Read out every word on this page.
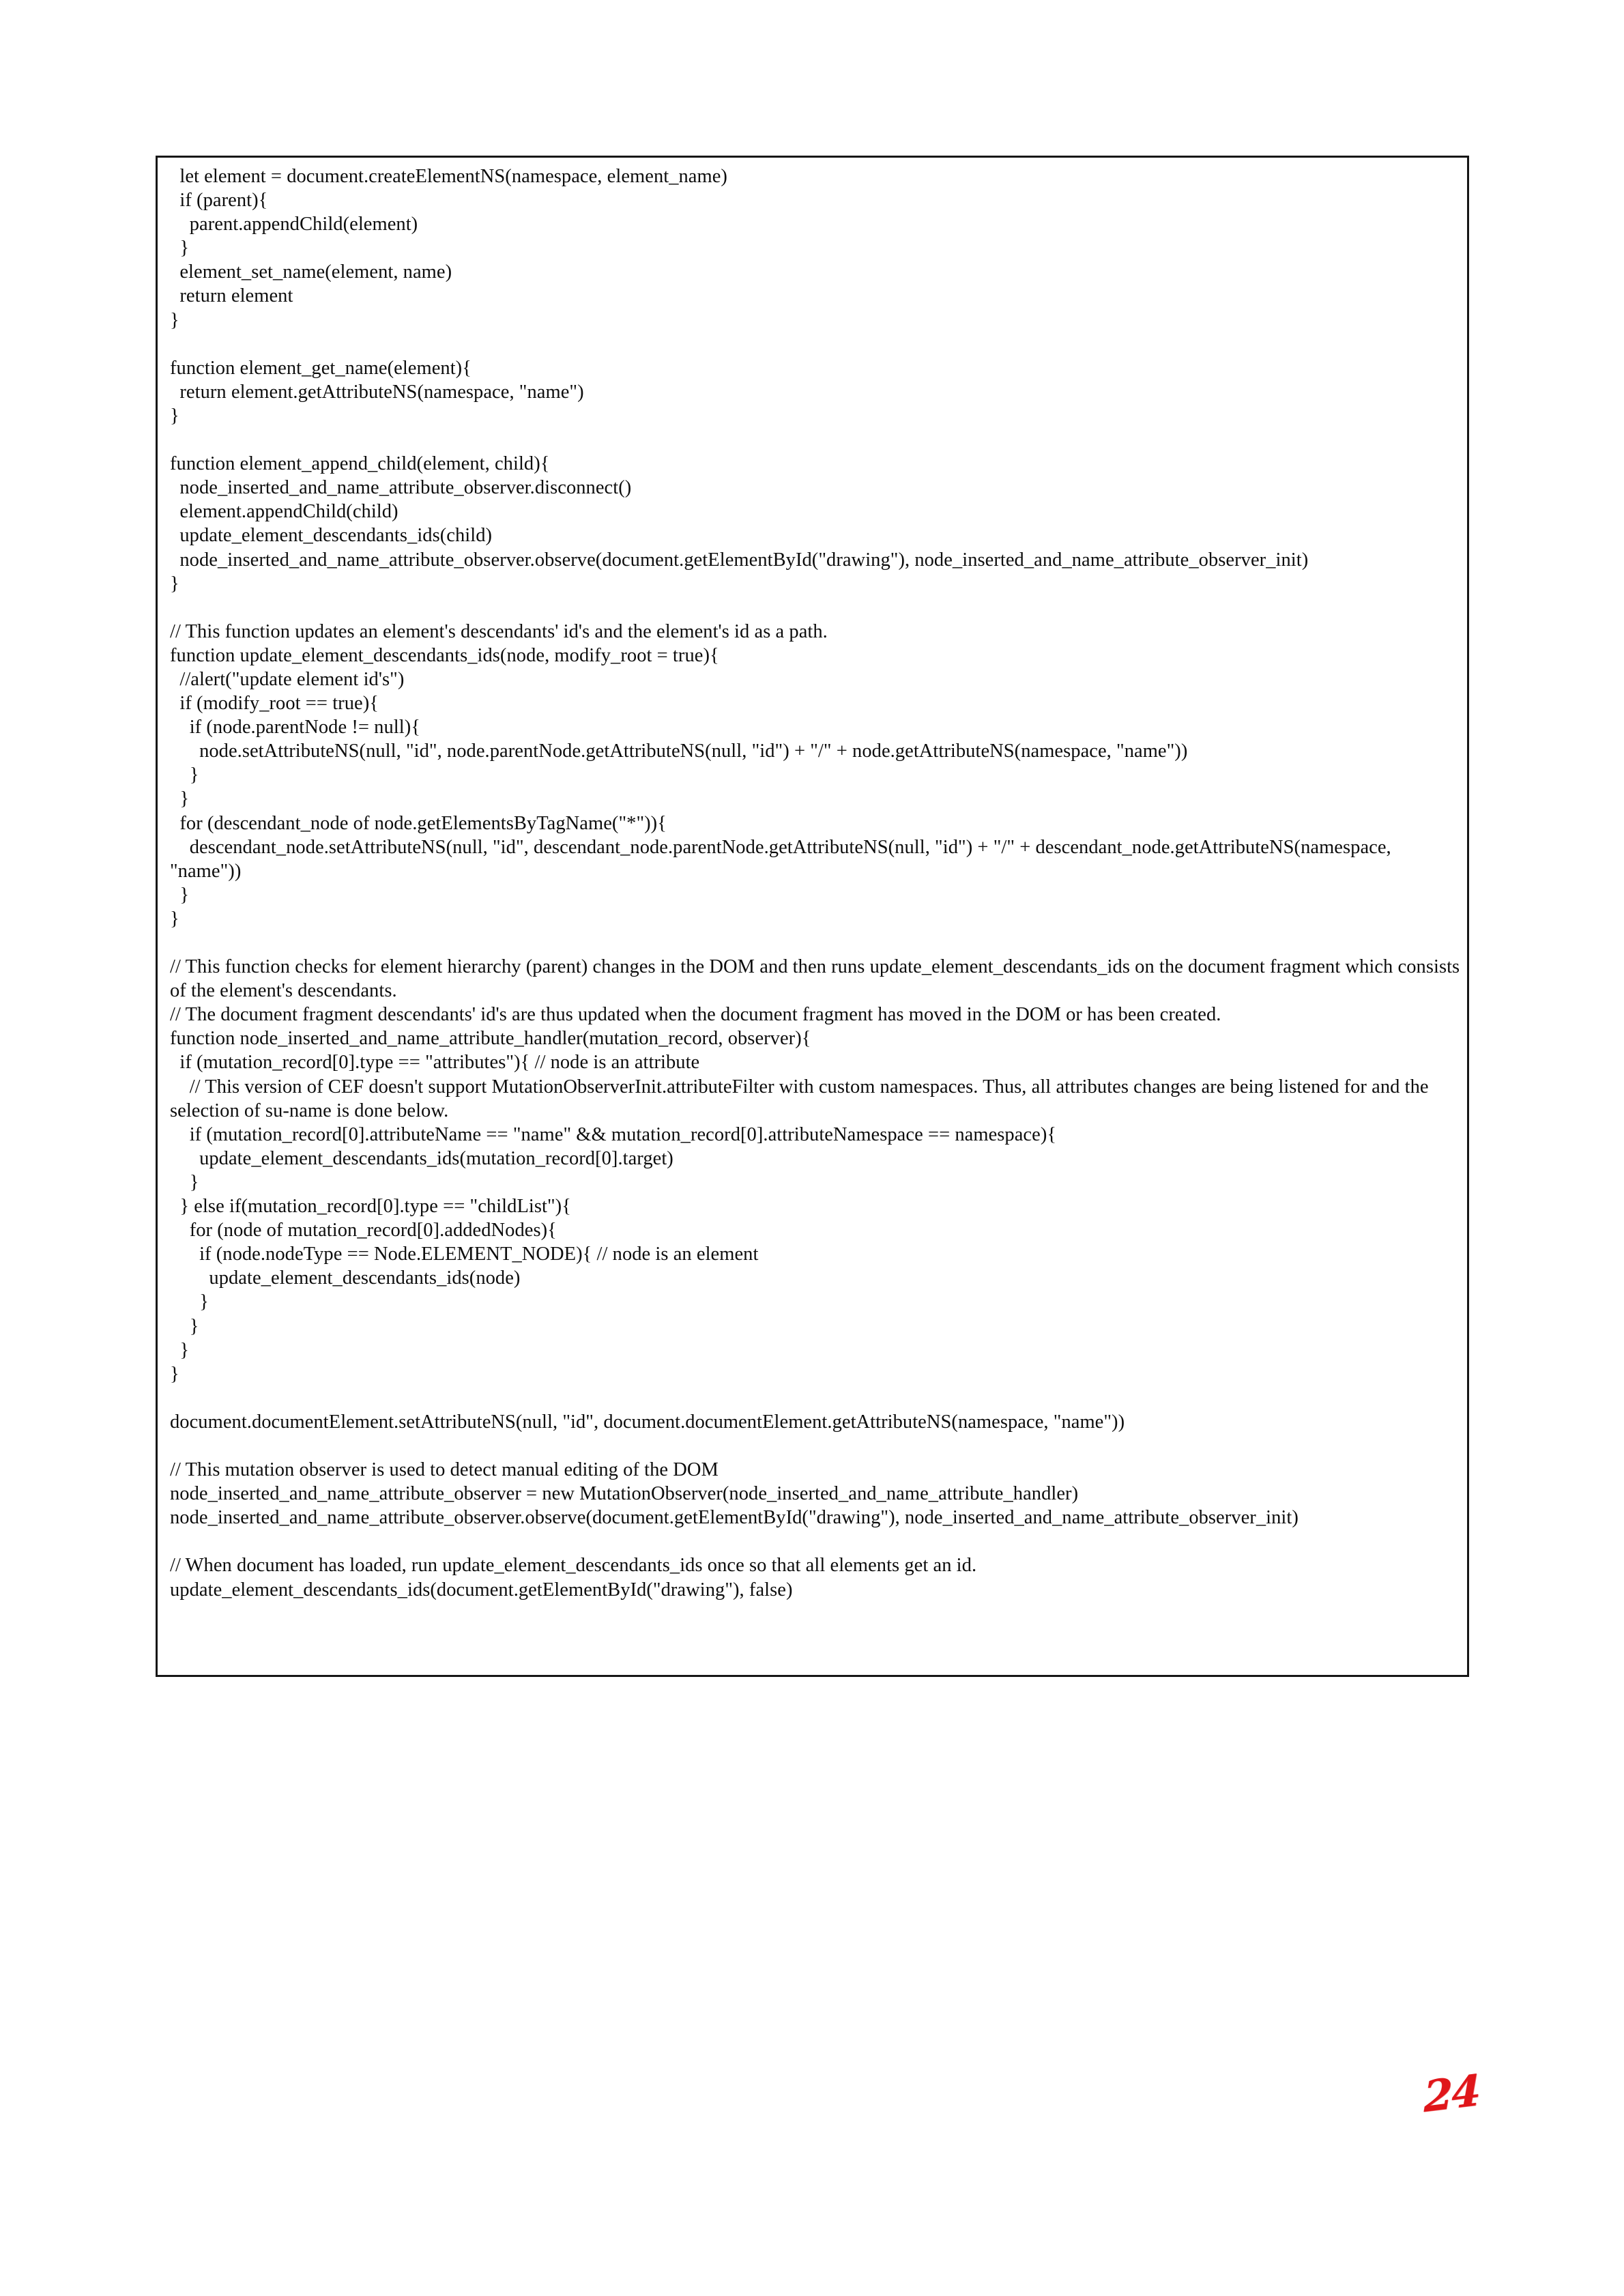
let element = document.createElementNS(namespace, element_name)
if (parent){
parent.appendChild(element)
}
element_set_name(element, name)
return element
}

function element_get_name(element){
return element.getAttributeNS(namespace, "name")
}

function element_append_child(element, child){
node_inserted_and_name_attribute_observer.disconnect()
element.appendChild(child)
update_element_descendants_ids(child)
node_inserted_and_name_attribute_observer.observe(document.getElementById("drawing"), node_inserted_and_name_attribute_observer_init)
}

// This function updates an element's descendants' id's and the element's id as a path.
function update_element_descendants_ids(node, modify_root = true){
//alert("update element id's")
if (modify_root == true){
if (node.parentNode != null){
node.setAttributeNS(null, "id", node.parentNode.getAttributeNS(null, "id") + "/" + node.getAttributeNS(namespace, "name"))
}
}
for (descendant_node of node.getElementsByTagName("*")){
descendant_node.setAttributeNS(null, "id", descendant_node.parentNode.getAttributeNS(null, "id") + "/" + descendant_node.getAttributeNS(namespace, "name"))
}
}

// This function checks for element hierarchy (parent) changes in the DOM and then runs update_element_descendants_ids on the document fragment which consists of the element's descendants.
// The document fragment descendants' id's are thus updated when the document fragment has moved in the DOM or has been created.
function node_inserted_and_name_attribute_handler(mutation_record, observer){
if (mutation_record[0].type == "attributes"){ // node is an attribute
// This version of CEF doesn't support MutationObserverInit.attributeFilter with custom namespaces. Thus, all attributes changes are being listened for and the selection of su-name is done below.
if (mutation_record[0].attributeName == "name" && mutation_record[0].attributeNamespace == namespace){
update_element_descendants_ids(mutation_record[0].target)
}
} else if(mutation_record[0].type == "childList"){
for (node of mutation_record[0].addedNodes){
if (node.nodeType == Node.ELEMENT_NODE){ // node is an element
update_element_descendants_ids(node)
}
}
}
}

document.documentElement.setAttributeNS(null, "id", document.documentElement.getAttributeNS(namespace, "name"))

// This mutation observer is used to detect manual editing of the DOM
node_inserted_and_name_attribute_observer = new MutationObserver(node_inserted_and_name_attribute_handler)
node_inserted_and_name_attribute_observer.observe(document.getElementById("drawing"), node_inserted_and_name_attribute_observer_init)

// When document has loaded, run update_element_descendants_ids once so that all elements get an id.
update_element_descendants_ids(document.getElementById("drawing"), false)
24
